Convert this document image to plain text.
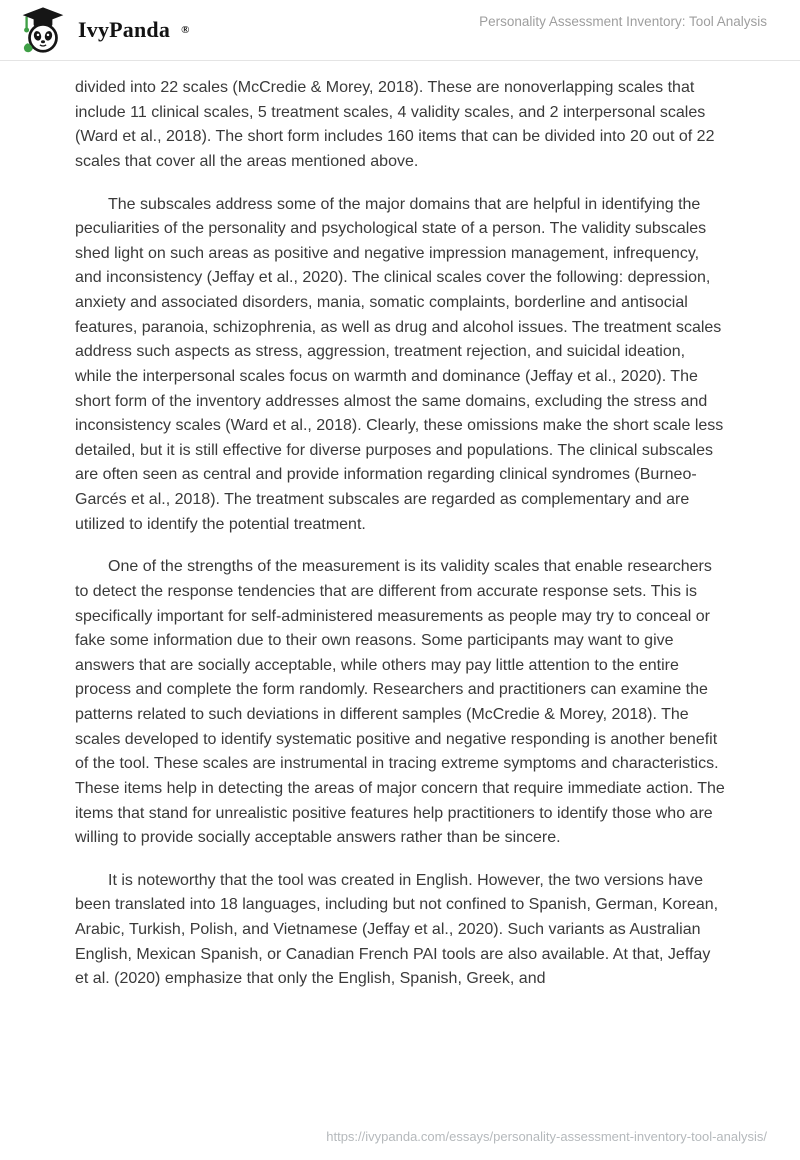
IvyPanda ®
Personality Assessment Inventory: Tool Analysis

divided into 22 scales (McCredie & Morey, 2018). These are nonoverlapping scales that include 11 clinical scales, 5 treatment scales, 4 validity scales, and 2 interpersonal scales (Ward et al., 2018). The short form includes 160 items that can be divided into 20 out of 22 scales that cover all the areas mentioned above.

The subscales address some of the major domains that are helpful in identifying the peculiarities of the personality and psychological state of a person. The validity subscales shed light on such areas as positive and negative impression management, infrequency, and inconsistency (Jeffay et al., 2020). The clinical scales cover the following: depression, anxiety and associated disorders, mania, somatic complaints, borderline and antisocial features, paranoia, schizophrenia, as well as drug and alcohol issues. The treatment scales address such aspects as stress, aggression, treatment rejection, and suicidal ideation, while the interpersonal scales focus on warmth and dominance (Jeffay et al., 2020). The short form of the inventory addresses almost the same domains, excluding the stress and inconsistency scales (Ward et al., 2018). Clearly, these omissions make the short scale less detailed, but it is still effective for diverse purposes and populations. The clinical subscales are often seen as central and provide information regarding clinical syndromes (Burneo-Garcés et al., 2018). The treatment subscales are regarded as complementary and are utilized to identify the potential treatment.

One of the strengths of the measurement is its validity scales that enable researchers to detect the response tendencies that are different from accurate response sets. This is specifically important for self-administered measurements as people may try to conceal or fake some information due to their own reasons. Some participants may want to give answers that are socially acceptable, while others may pay little attention to the entire process and complete the form randomly. Researchers and practitioners can examine the patterns related to such deviations in different samples (McCredie & Morey, 2018). The scales developed to identify systematic positive and negative responding is another benefit of the tool. These scales are instrumental in tracing extreme symptoms and characteristics. These items help in detecting the areas of major concern that require immediate action. The items that stand for unrealistic positive features help practitioners to identify those who are willing to provide socially acceptable answers rather than be sincere.

It is noteworthy that the tool was created in English. However, the two versions have been translated into 18 languages, including but not confined to Spanish, German, Korean, Arabic, Turkish, Polish, and Vietnamese (Jeffay et al., 2020). Such variants as Australian English, Mexican Spanish, or Canadian French PAI tools are also available. At that, Jeffay et al. (2020) emphasize that only the English, Spanish, Greek, and

https://ivypanda.com/essays/personality-assessment-inventory-tool-analysis/
